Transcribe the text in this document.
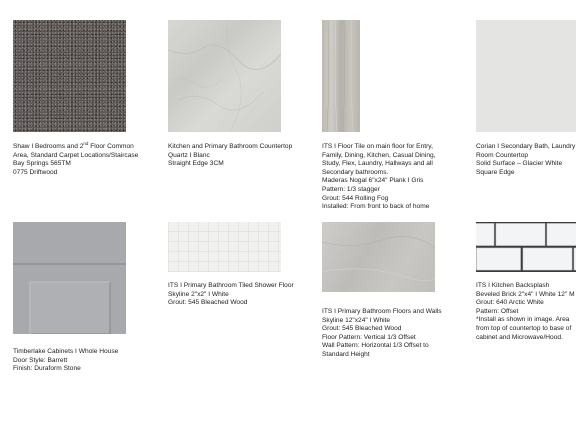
Shaw I Bedrooms and 2nd Floor Common
Area, Standard Carpet Locations/Staircase
Bay Springs 565TM
0775 Driftwood
Kitchen and Primary Bathroom Countertop
Quartz I Blanc
Straight Edge 3CM
ITS I Floor Tile on main floor for Entry,
Family, Dining, Kitchen, Casual Dining,
Study, Flex, Laundry, Hallways and all
Secondary bathrooms.
Maderas Nogal 6"x24" Plank I Gris
Pattern: 1/3 stagger
Grout: 544 Rolling Fog
Installed: From front to back of home
Corian I Secondary Bath, Laundry
Room Countertop
Solid Surface – Glacier White
Square Edge
Timberlake Cabinets I Whole House
Door Style: Barrett
Finish: Duraform Stone
ITS I Primary Bathroom Tiled Shower Floor
Skyline 2"x2" I White
Grout: 545 Bleached Wood
ITS I Primary Bathroom Floors and Walls
Skyline 12"x24" I White
Grout: 545 Bleached Wood
Floor Pattern: Vertical 1/3 Offset
Wall Pattern: Horizontal 1/3 Offset to
Standard Height
ITS I Kitchen Backsplash
Beveled Brick 2"x4" I White 12" M
Grout: 640 Arctic White
Pattern: Offset
*Install as shown in image. Area
from top of countertop to base of
cabinet and Microwave/Hood.
